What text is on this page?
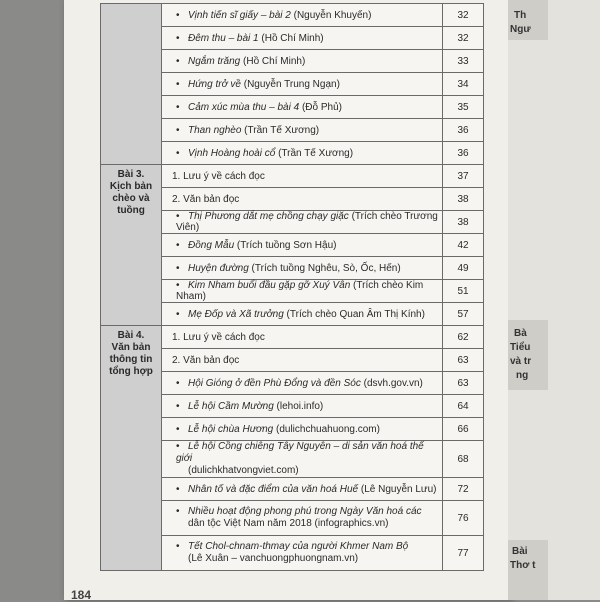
Th
Ngư
Bà
Tiểu
và tr
ng
Bài
Thơ t
	• Vịnh tiến sĩ giấy – bài 2 (Nguyễn Khuyến)	32
	• Đêm thu – bài 1 (Hồ Chí Minh)	32
	• Ngắm trăng (Hồ Chí Minh)	33
	• Hứng trở về (Nguyễn Trung Ngạn)	34
	• Cảm xúc mùa thu – bài 4 (Đỗ Phủ)	35
	• Than nghèo (Trần Tế Xương)	36
	• Vịnh Hoàng hoài cổ (Trần Tế Xương)	36

Bài 3.
Kịch bản
chèo và
tuồng	1. Lưu ý về cách đọc	37
	2. Văn bản đọc	38
	• Thị Phương dắt mẹ chồng chạy giặc (Trích chèo Trương Viên)	38
	• Đồng Mẫu (Trích tuồng Sơn Hậu)	42
	• Huyện đường (Trích tuồng Nghêu, Sò, Ốc, Hến)	49
	• Kim Nham buổi đầu gặp gỡ Xuý Vân (Trích chèo Kim Nham)	51
	• Mẹ Đốp và Xã trưởng (Trích chèo Quan Âm Thị Kính)	57

Bài 4.
Văn bản
thông tin
tổng hợp	1. Lưu ý về cách đọc	62
	2. Văn bản đọc	63
	• Hội Gióng ở đền Phù Đổng và đền Sóc (dsvh.gov.vn)	63
	• Lễ hội Cầm Mường (lehoi.info)	64
	• Lễ hội chùa Hương (dulichchuahuong.com)	66

	• Lễ hội Cồng chiêng Tây Nguyên – di sản văn hoá thế giới
(dulichkhatvongviet.com)	68
	• Nhân tố và đặc điểm của văn hoá Huế (Lê Nguyễn Lưu)	72

	• Nhiều hoạt động phong phú trong Ngày Văn hoá các
dân tộc Việt Nam năm 2018 (infographics.vn)	76

	• Tết Chol-chnam-thmay của người Khmer Nam Bộ
(Lê Xuân – vanchuongphuongnam.vn)	77
184
